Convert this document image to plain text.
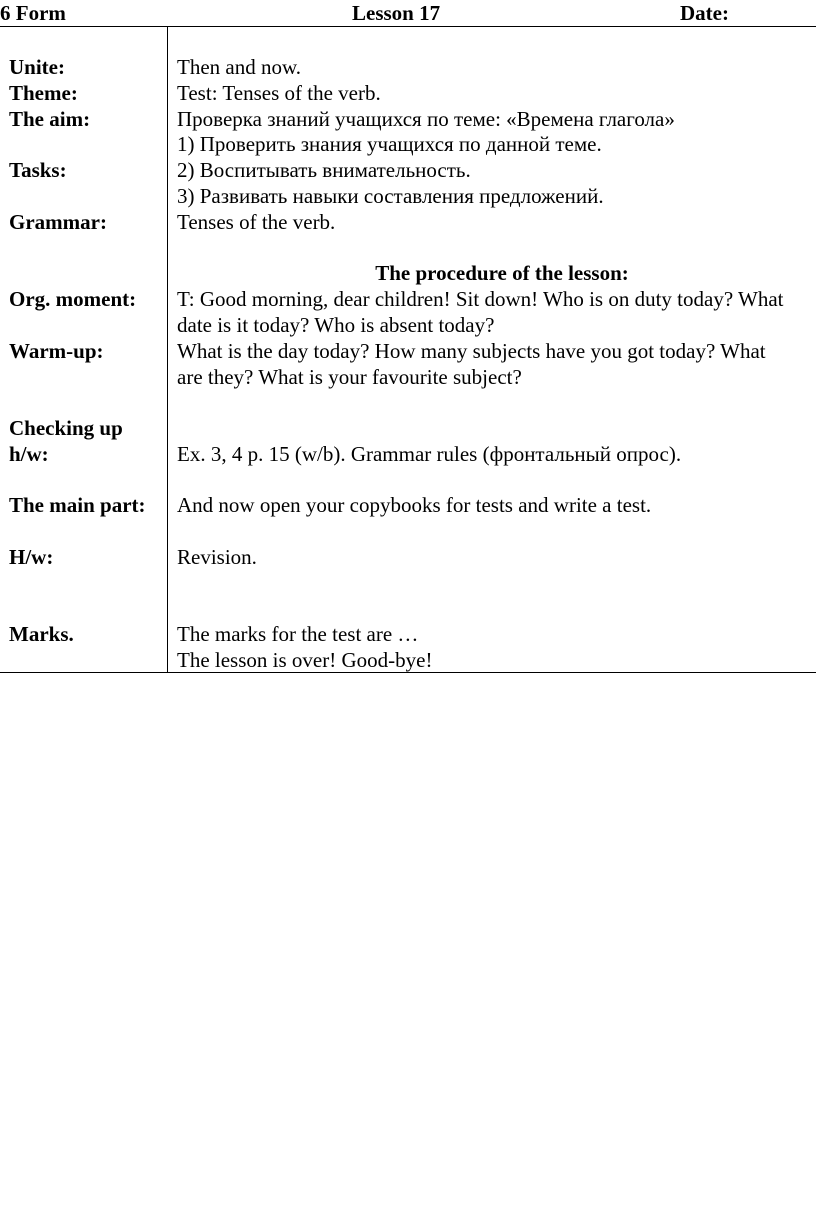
6 Form	Lesson 17	Date:
Unite:
Theme:
The aim:
Tasks:
Grammar:
Org. moment:
Warm-up:
Checking up
h/w:
The main part:
H/w:
Marks.
Then and now.
Test: Tenses of the verb.
Проверка знаний учащихся по теме: «Времена глагола»
1) Проверить знания учащихся по данной теме.
2) Воспитывать внимательность.
3) Развивать навыки составления предложений.
Tenses of the verb.
The procedure of the lesson:
T: Good morning, dear children! Sit down! Who is on duty today? What
date is it today? Who is absent today?
What is the day today? How many subjects have you got today? What
are they? What is your favourite subject?
Ex. 3, 4 p. 15 (w/b). Grammar rules (фронтальный опрос).
And now open your copybooks for tests and write a test.
Revision.
The marks for the test are …
The lesson is over! Good-bye!
